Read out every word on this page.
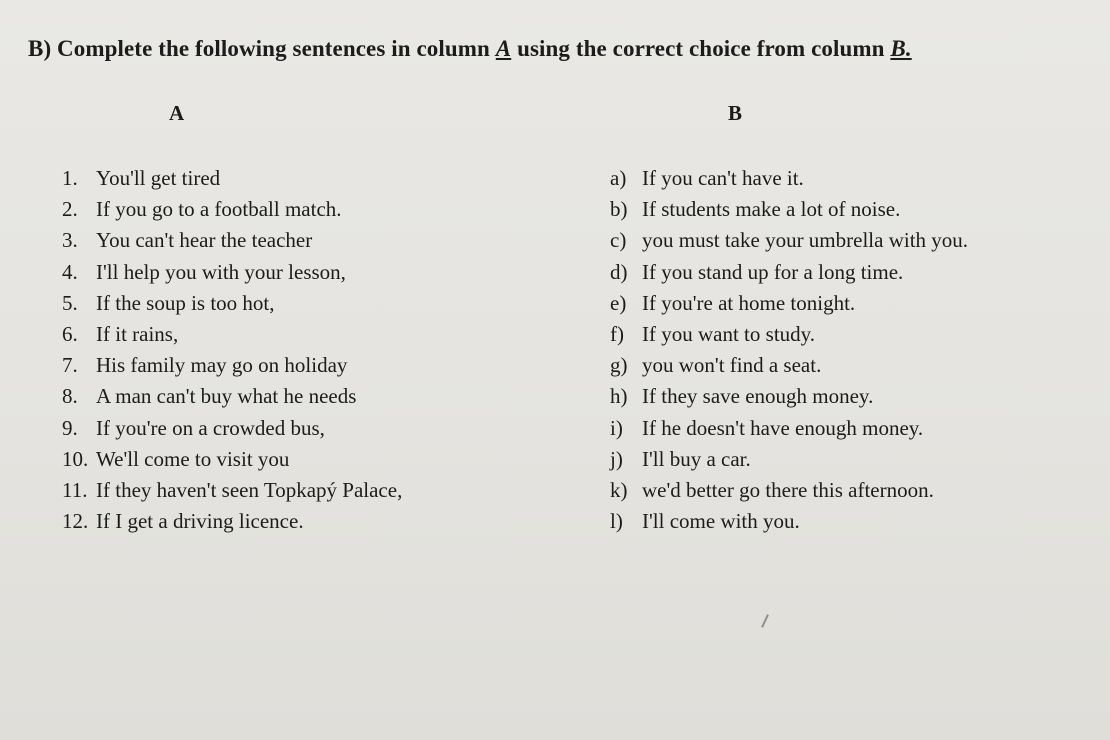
B) Complete the following sentences in column A using the correct choice from column B.
A	B
1. You'll get tired
2. If you go to a football match.
3. You can't hear the teacher
4. I'll help you with your lesson,
5. If the soup is too hot,
6. If it rains,
7. His family may go on holiday
8. A man can't buy what he needs
9. If you're on a crowded bus,
10. We'll come to visit you
11. If they haven't seen Topkapý Palace,
12. If I get a driving licence.
a) If you can't have it.
b) If students make a lot of noise.
c) you must take your umbrella with you.
d) If you stand up for a long time.
e) If you're at home tonight.
f) If you want to study.
g) you won't find a seat.
h) If they save enough money.
i) If he doesn't have enough money.
j) I'll buy a car.
k) we'd better go there this afternoon.
l) I'll come with you.
